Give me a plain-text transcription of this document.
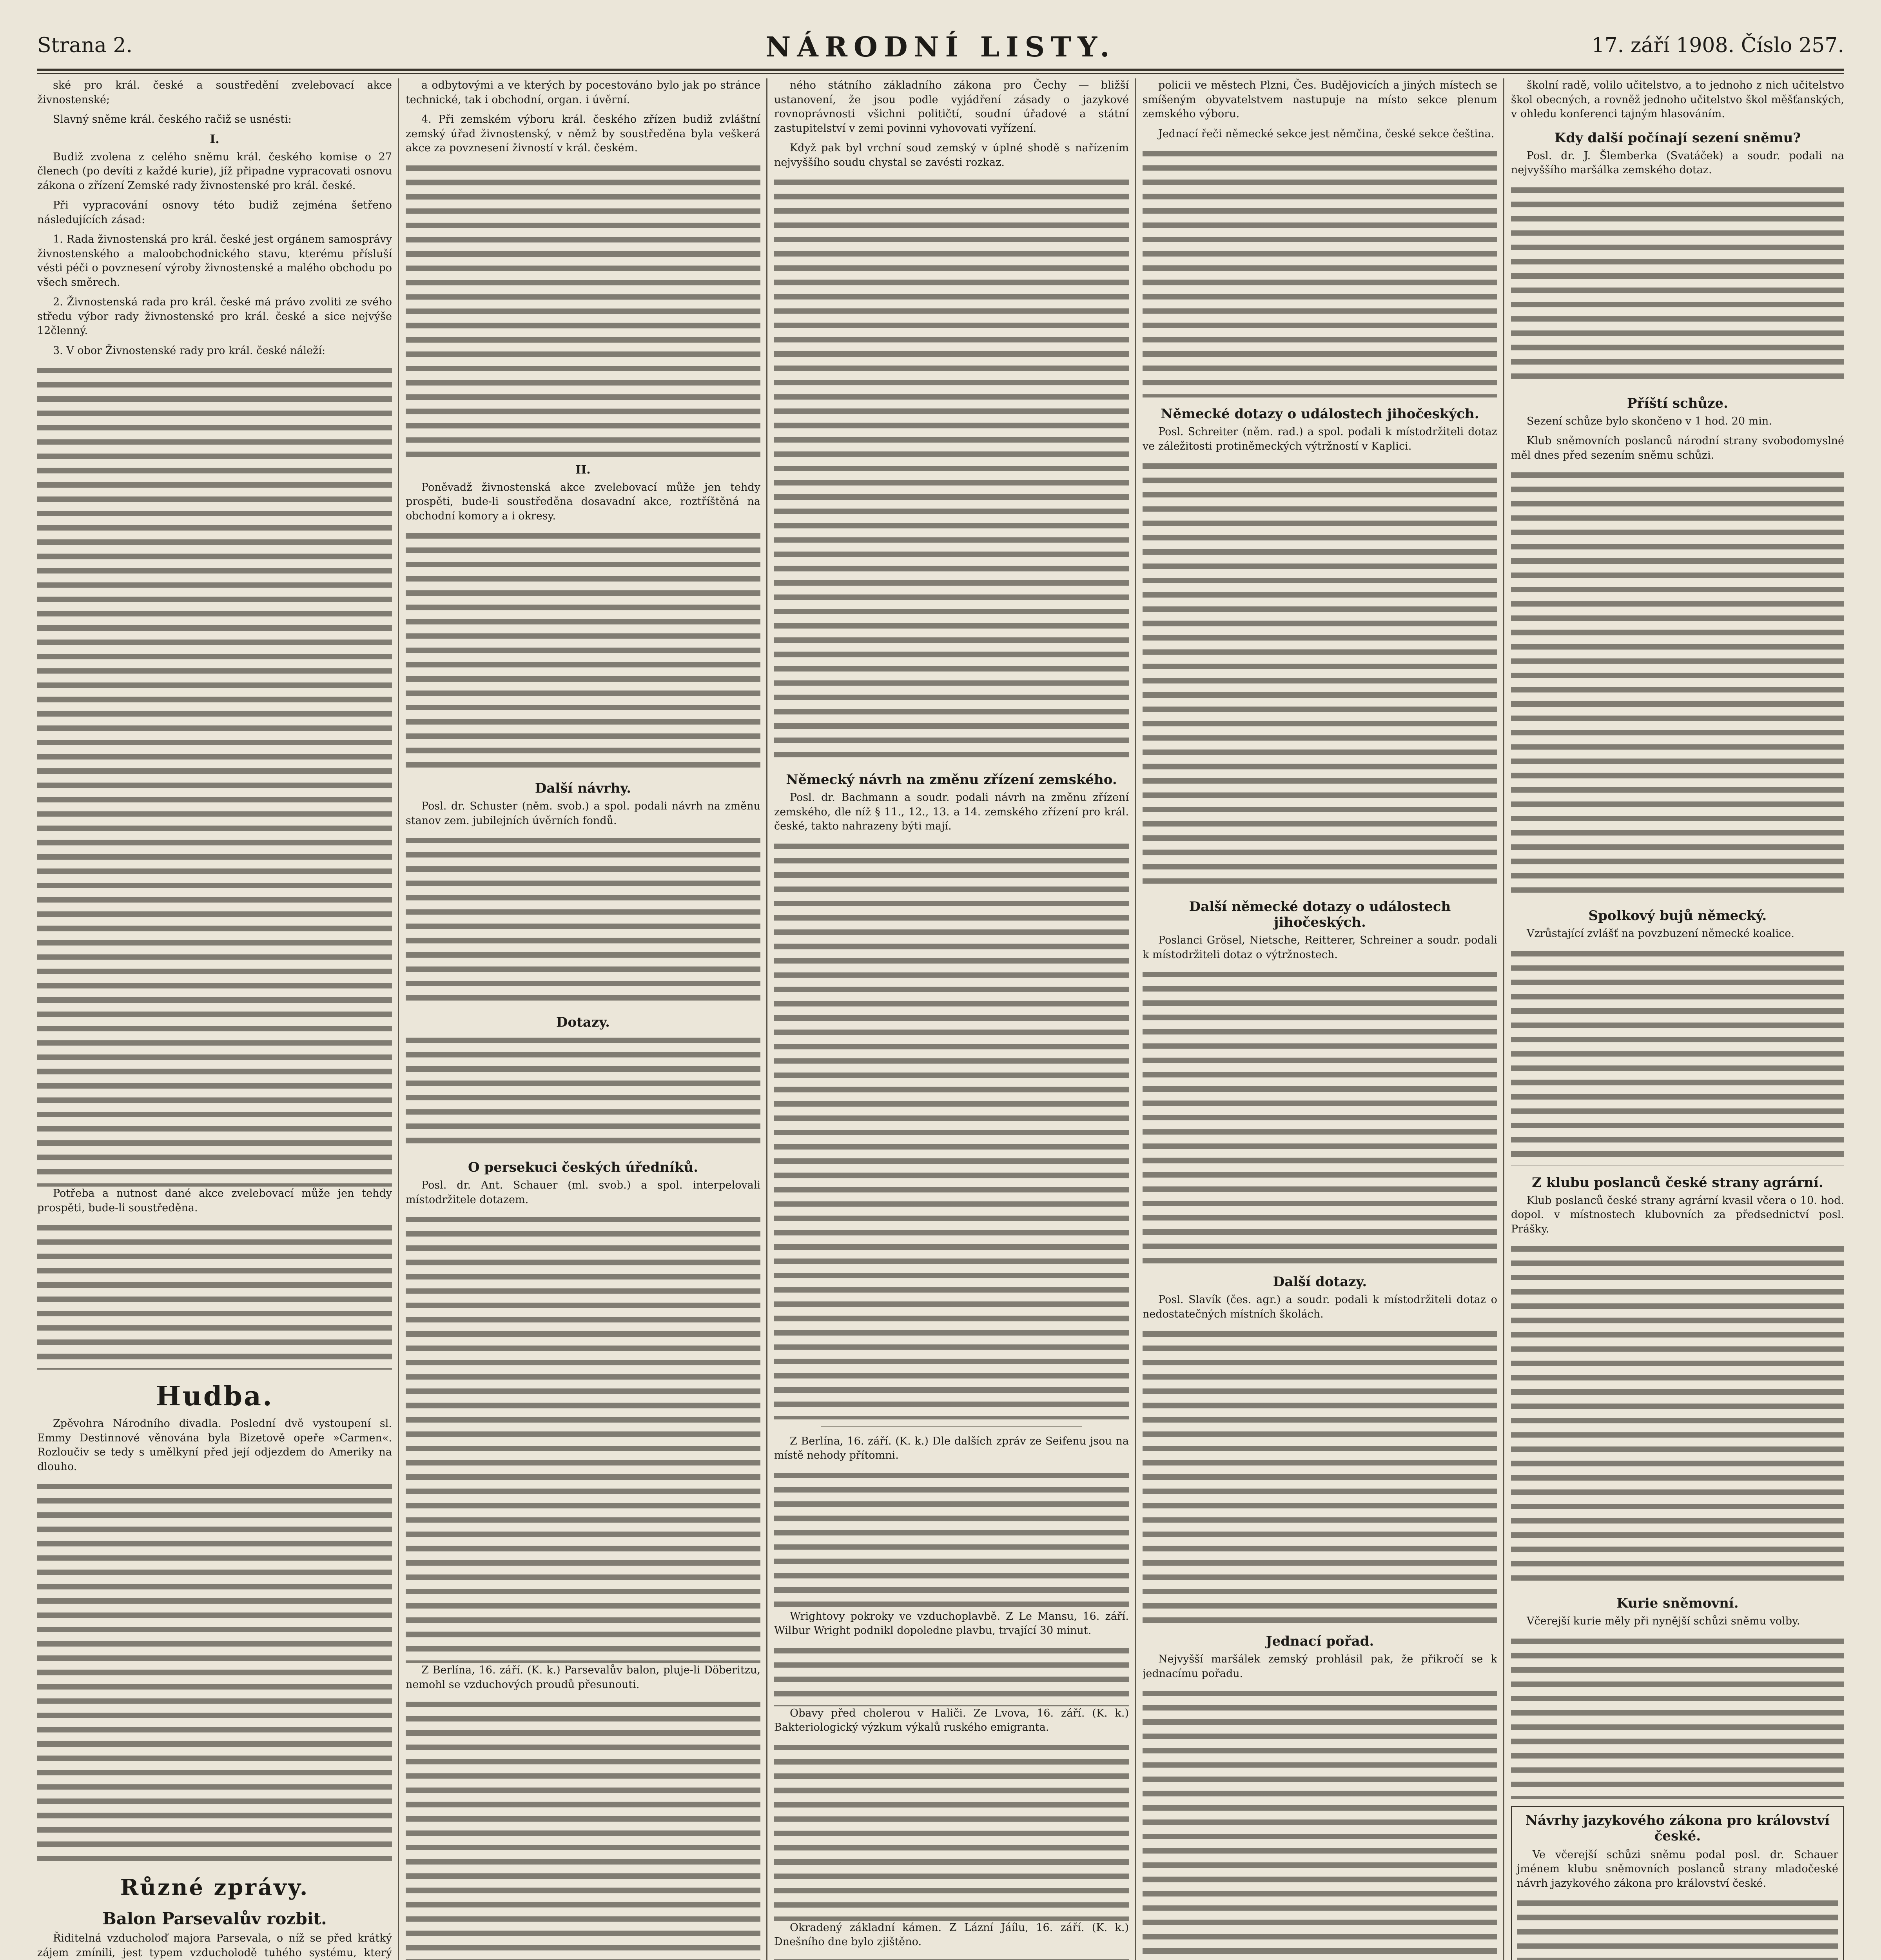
Strana 2.	NÁRODNÍ LISTY.	17. září 1908. Číslo 257.

ské pro král. české a soustředění zvelebovací akce živnostenské;

Slavný sněme král. českého račiž se usnésti:

I.

Budiž zvolena z celého sněmu král. českého komise o 27 členech (po devíti z každé kurie), jíž připadne vypracovati osnovu zákona o zřízení Zemské rady živnostenské pro král. české.

Při vypracování osnovy této budiž zejména šetřeno následujících zásad:

1. Rada živnostenská pro král. české jest orgánem samosprávy živnostenského a maloobchodnického stavu, kterému přísluší vésti péči o povznesení výroby živnostenské a malého obchodu po všech směrech.

2. Živnostenská rada pro král. české má právo zvoliti ze svého středu výbor rady živnostenské pro král. české a sice nejvýše 12členný.

3. V obor Živnostenské rady pro král. české náleží:

Potřeba a nutnost dané akce zvelebovací může jen tehdy prospěti, bude-li soustředěna.

Hudba.

Zpěvohra Národního divadla. Poslední dvě vystoupení sl. Emmy Destinnové věnována byla Bizetově opeře »Carmen«. Rozloučiv se tedy s umělkyní před její odjezdem do Ameriky na dlouho.

Různé zprávy.
Balon Parsevalův rozbit.

Řiditelná vzducholoď majora Parsevala, o níž se před krátký zájem zmínili, jest typem vzducholodě tuhého systému, který

a odbytovými a ve kterých by pocestováno bylo jak po stránce technické, tak i obchodní, organ. i úvěrní.

4. Při zemském výboru král. českého zřízen budiž zvláštní zemský úřad živnostenský, v němž by soustředěna byla veškerá akce za povznesení živností v král. českém.

II.

Poněvadž živnostenská akce zvelebovací může jen tehdy prospěti, bude-li soustředěna dosavadní akce, roztříštěná na obchodní komory a i okresy.

Další návrhy.

Posl. dr. Schuster (něm. svob.) a spol. podali návrh na změnu stanov zem. jubilejních úvěrních fondů.

Dotazy.
O persekuci českých úředníků.

Posl. dr. Ant. Schauer (ml. svob.) a spol. interpelovali místodržitele dotazem.

Z Berlína, 16. září. (K. k.) Parsevalův balon, pluje-li Döberitzu, nemohl se vzduchových proudů přesunouti.

ného státního základního zákona pro Čechy — bližší ustanovení, že jsou podle vyjádření zásady o jazykové rovnoprávnosti všichni političtí, soudní úřadové a státní zastupitelství v zemi povinni vyhovovati vyřízení.

Když pak byl vrchní soud zemský v úplné shodě s nařízením nejvyššího soudu chystal se zavésti rozkaz.

Německý návrh na změnu zřízení zemského.

Posl. dr. Bachmann a soudr. podali návrh na změnu zřízení zemského, dle níž § 11., 12., 13. a 14. zemského zřízení pro král. české, takto nahrazeny býti mají.

Z Berlína, 16. září. (K. k.) Dle dalších zpráv ze Seifenu jsou na místě nehody přítomni.

Wrightovy pokroky ve vzduchoplavbě. Z Le Mansu, 16. září. Wilbur Wright podnikl dopoledne plavbu, trvající 30 minut.

Obavy před cholerou v Haliči. Ze Lvova, 16. září. (K. k.) Bakteriologický výzkum výkalů ruského emigranta.

Okradený základní kámen. Z Lázní Jáílu, 16. září. (K. k.) Dnešního dne bylo zjištěno.

policii ve městech Plzni, Čes. Budějovicích a jiných místech se smíšeným obyvatelstvem nastupuje na místo sekce plenum zemského výboru.

Jednací řeči německé sekce jest němčina, české sekce čeština.

Německé dotazy o událostech jihočeských.

Posl. Schreiter (něm. rad.) a spol. podali k místodržiteli dotaz ve záležitosti protiněmeckých výtržností v Kaplici.

Další německé dotazy o událostech jihočeských.

Poslanci Grösel, Nietsche, Reitterer, Schreiner a soudr. podali k místodržiteli dotaz o výtržnostech.

Další dotazy.

Posl. Slavík (čes. agr.) a soudr. podali k místodržiteli dotaz o nedostatečných místních školách.

Jednací pořad.

Nejvyšší maršálek zemský prohlásil pak, že přikročí se k jednacímu pořadu.

školní radě, volilo učitelstvo, a to jednoho z nich učitelstvo škol obecných, a rovněž jednoho učitelstvo škol měšťanských, v ohledu konferenci tajným hlasováním.

Kdy další počínají sezení sněmu?

Posl. dr. J. Šlemberka (Svatáček) a soudr. podali na nejvyššího maršálka zemského dotaz.

Příští schůze.

Sezení schůze bylo skončeno v 1 hod. 20 min.

Klub sněmovních poslanců národní strany svobodomyslné měl dnes před sezením sněmu schůzi.

Spolkový bujů německý.

Vzrůstající zvlášť na povzbuzení německé koalice.

Z klubu poslanců české strany agrární.

Klub poslanců české strany agrární kvasil včera o 10. hod. dopol. v místnostech klubovních za předsednictví posl. Prášky.

Kurie sněmovní.

Včerejší kurie měly při nynější schůzi sněmu volby.

Návrhy jazykového zákona pro království české.

Ve včerejší schůzi sněmu podal posl. dr. Schauer jménem klubu sněmovních poslanců strany mladočeské návrh jazykového zákona pro království české.
